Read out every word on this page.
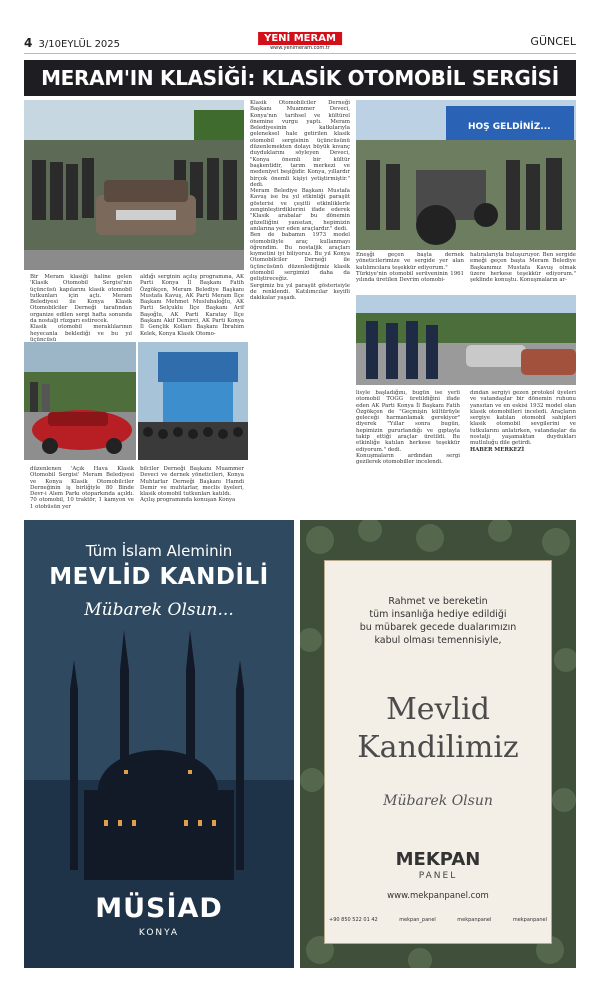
4 3/10EYLÜL 2025
YENİ MERAM
www.yenimeram.com.tr	GÜNCEL
MERAM'IN KLASİĞİ: KLASİK OTOMOBİL SERGİSİ
HOŞ GELDİNİZ...

Bir Meram klasiği haline gelen 'Klasik Otomobil Sergisi'nin üçüncüsü kapılarını klasik otomobil tutkunları için açtı. Meram Belediyesi ile Konya Klasik Otomobilciler Derneği tarafından organize edilen sergi hafta sonunda da nostalji rüzgarı estirecek.

Klasik otomobil meraklılarının heyecanla beklediği ve bu yıl üçüncüsü

düzenlenen 'Açık Hava Klasik Otomobil Sergisi' Meram Belediyesi ve Konya Klasik Otomobilciler Derneğinin iş birliğiyle 80 Binde Devr-i Alem Parkı otoparkında açıldı. 70 otomobil, 10 traktör, 1 kamyon ve 1 otobüsün yer

aldığı serginin açılış programına, AK Parti Konya İl Başkanı Fatih Özgökçen, Meram Belediye Başkanı Mustafa Kavuş, AK Parti Meram İlçe Başkanı Mehmet Muslubaloğlu, AK Parti Selçuklu İlçe Başkanı Arif Başoğlu, AK Parti Karatay İlçe Başkanı Akif Demirci, AK Parti Konya İl Gençlik Kolları Başkanı İbrahim Kelek, Konya Klasik Otomo-

bilciler Derneği Başkanı Muammer Deveci ve dernek yöneticileri, Konya Muhtarlar Derneği Başkanı Hamdi Demir ve muhtarlar, meclis üyeleri, klasik otomobil tutkunları katıldı.

Açılış programında konuşan Konya

Klasik Otomobilciler Derneği Başkanı Muammer Deveci, Konya'nın tarihsel ve kültürel önemine vurgu yaptı. Meram Belediyesinin katkılarıyla geleneksel hale getirilen klasik otomobil sergisinin üçüncüsünü düzenlemekten dolayı büyük kıvanç duyduklarını söyleyen Deveci, "Konya önemli bir kültür başkentidir, tarım merkezi ve medeniyet beşiğidir. Konya, yıllardır birçok önemli kişiyi yetiştirmiştir." dedi.

Meram Belediye Başkanı Mustafa Kavuş ise bu yıl etkinliği paraşüt gösterisi ve çeşitli etkinliklerle zenginleştirdiklerini ifade ederek "Klasik arabalar bu dönemin güzelliğini yansıtan, hepimizin anılarına yer eden araçlardır." dedi.

Ben de babamın 1973 model otomobiliyle araç kullanmayı öğrendim. Bu nostaljik araçları kıymetini iyi biliyoruz. Bu yıl Konya Otomobilciler Derneği ile üçüncüsünü düzenlediğimiz klasik otomobil sergimizi daha da geliştireceğiz.

Sergimiz bu yıl paraşüt gösterisiyle de renklendi. Katılımcılar keyifli dakikalar yaşadı.

Eneşği geçen başta dernek yöneticilerimize ve sergide yer alan katılımcılara teşekkür ediyorum."

Türkiye'nin otomobil serüveninin 1961 yılında üretilen Devrim otomobi-

lisyle başladığını, bugün ise yerli otomobil TOGG üretildiğini ifade eden AK Parti Konya İl Başkanı Fatih Özgökçen de "Geçmişin kültürüyle geleceği harmanlamak gerekiyor" diyerek "Yıllar sonra bugün, hepimizin gururlandığı ve gıptayla takip ettiği araçlar üretildi. Bu etkinliğe katılan herkese teşekkür ediyorum." dedi.

Konuşmaların ardından sergi gezilerek otomobiller incelendi.

hatıralarıyla buluşuruyor. Ben sergide emeği geçen başta Meram Belediye Başkanımız Mustafa Kavuş olmak üzere herkese teşekkür ediyorum." şeklinde konuştu. Konuşmaların ar-

dından sergiyi gezen protokol üyeleri ve vatandaşlar bir dönemin ruhunu yansıtan ve en eskisi 1932 model olan klasik otomobilleri inceledi. Araçların sergiye katılan otomobil sahipleri klasik otomobil sevgilerini ve tutkularını anlatırken, vatandaşlar da nostalji yaşamaktan duydukları mutluluğu dile getirdi.

HABER MERKEZİ

Tüm İslam Aleminin
MEVLİD KANDİLİ
Mübarek Olsun...
MÜSİAD
KONYA
Rahmet ve bereketin
tüm insanlığa hediye edildiği
bu mübarek gecede dualarımızın
kabul olması temennisiyle,
Mevlid
Kandilimiz
Mübarek Olsun
MEKPAN
PANEL
www.mekpanpanel.com
+90 850 522 01 42	mekpan_panel	mekpanpanel	mekpanpanel
